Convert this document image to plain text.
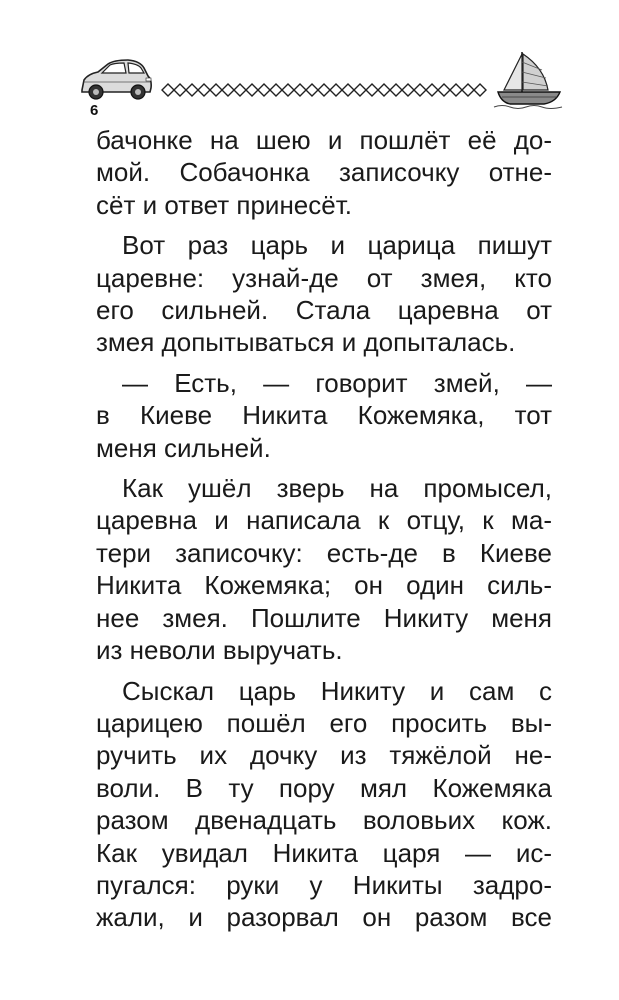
6
бачонке на шею и пошлёт её до-
мой. Собачонка записочку отне-
сёт и ответ принесёт.
Вот раз царь и царица пишут
царевне: узнай-де от змея, кто
его сильней. Стала царевна от
змея допытываться и допыталась.
— Есть, — говорит змей, —
в Киеве Никита Кожемяка, тот
меня сильней.
Как ушёл зверь на промысел,
царевна и написала к отцу, к ма-
тери записочку: есть-де в Киеве
Никита Кожемяка; он один силь-
нее змея. Пошлите Никиту меня
из неволи выручать.
Сыскал царь Никиту и сам с
царицею пошёл его просить вы-
ручить их дочку из тяжёлой не-
воли. В ту пору мял Кожемяка
разом двенадцать воловьих кож.
Как увидал Никита царя — ис-
пугался: руки у Никиты задро-
жали, и разорвал он разом все
